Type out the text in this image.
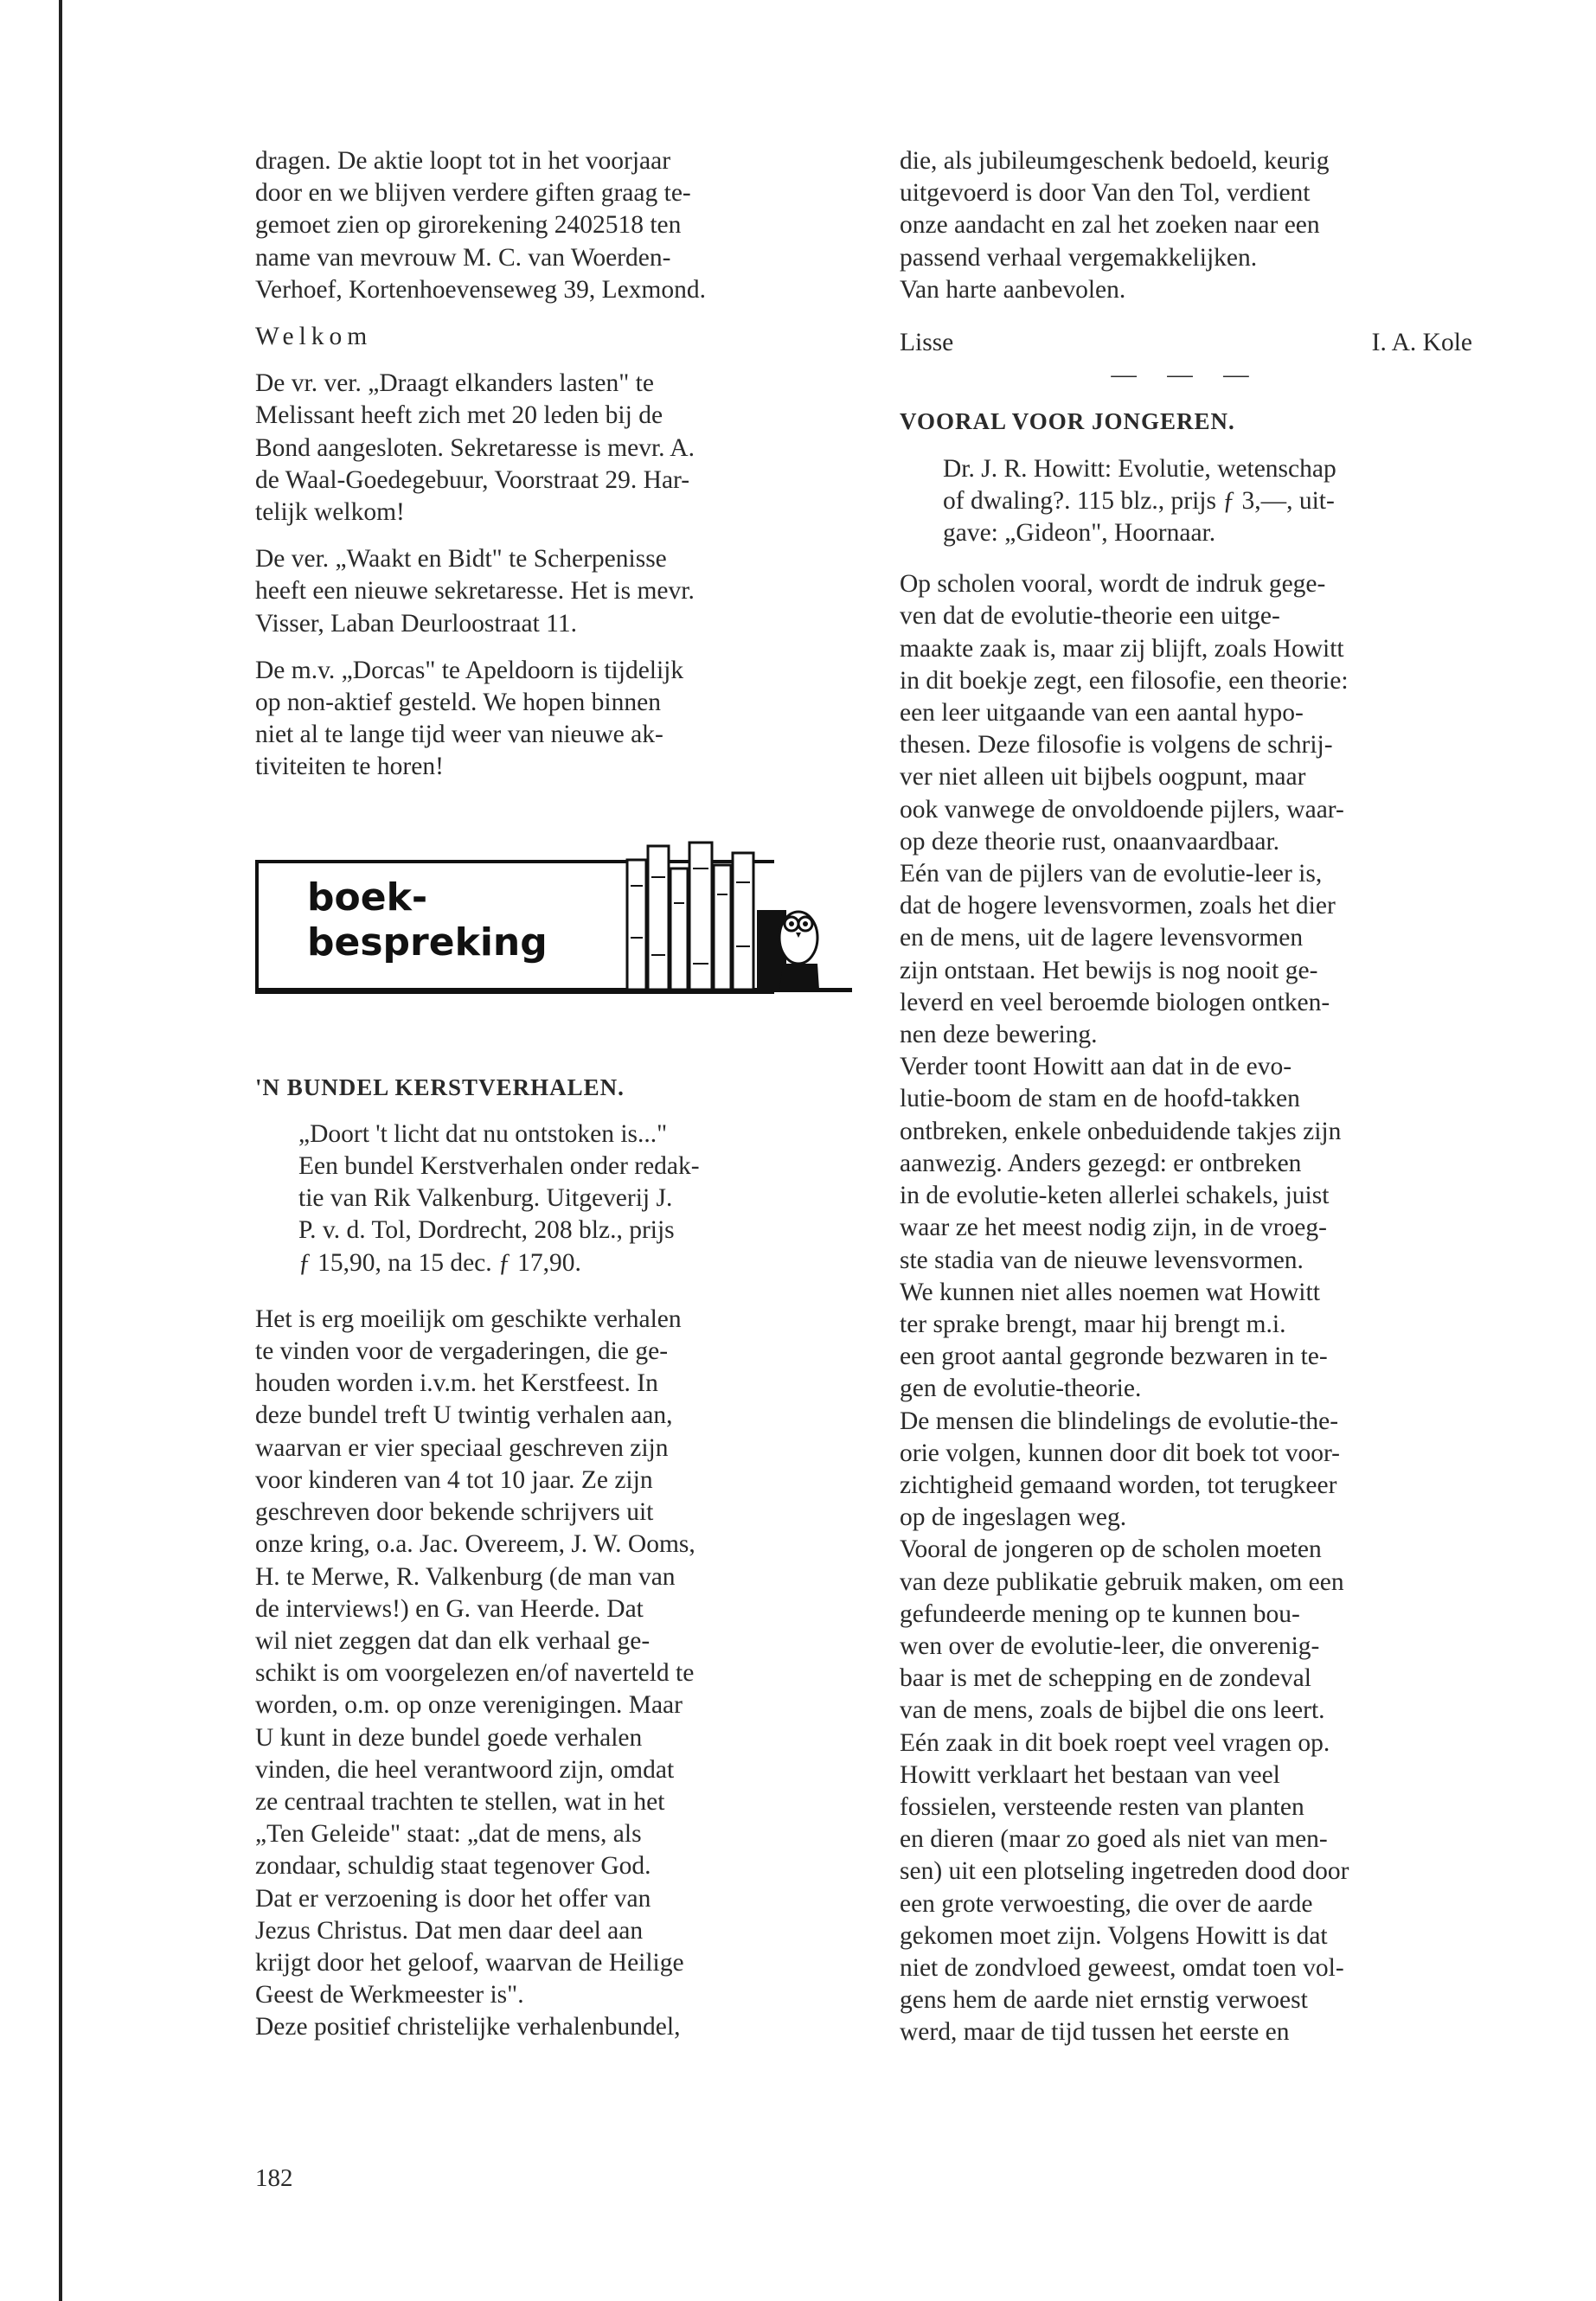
dragen. De aktie loopt tot in het voorjaar
door en we blijven verdere giften graag te-
gemoet zien op girorekening 2402518 ten
name van mevrouw M. C. van Woerden-
Verhoef, Kortenhoevenseweg 39, Lexmond.

Welkom

De vr. ver. „Draagt elkanders lasten" te
Melissant heeft zich met 20 leden bij de
Bond aangesloten. Sekretaresse is mevr. A.
de Waal-Goedegebuur, Voorstraat 29. Har-
telijk welkom!

De ver. „Waakt en Bidt" te Scherpenisse
heeft een nieuwe sekretaresse. Het is mevr.
Visser, Laban Deurloostraat 11.

De m.v. „Dorcas" te Apeldoorn is tijdelijk
op non-aktief gesteld. We hopen binnen
niet al te lange tijd weer van nieuwe ak-
tiviteiten te horen!

boek-
bespreking

'N BUNDEL KERSTVERHALEN.

„Doort 't licht dat nu ontstoken is..."
Een bundel Kerstverhalen onder redak-
tie van Rik Valkenburg. Uitgeverij J.
P. v. d. Tol, Dordrecht, 208 blz., prijs
ƒ 15,90, na 15 dec. ƒ 17,90.

Het is erg moeilijk om geschikte verhalen
te vinden voor de vergaderingen, die ge-
houden worden i.v.m. het Kerstfeest. In
deze bundel treft U twintig verhalen aan,
waarvan er vier speciaal geschreven zijn
voor kinderen van 4 tot 10 jaar. Ze zijn
geschreven door bekende schrijvers uit
onze kring, o.a. Jac. Overeem, J. W. Ooms,
H. te Merwe, R. Valkenburg (de man van
de interviews!) en G. van Heerde. Dat
wil niet zeggen dat dan elk verhaal ge-
schikt is om voorgelezen en/of naverteld te
worden, o.m. op onze verenigingen. Maar
U kunt in deze bundel goede verhalen
vinden, die heel verantwoord zijn, omdat
ze centraal trachten te stellen, wat in het
„Ten Geleide" staat: „dat de mens, als
zondaar, schuldig staat tegenover God.
Dat er verzoening is door het offer van
Jezus Christus. Dat men daar deel aan
krijgt door het geloof, waarvan de Heilige
Geest de Werkmeester is".
Deze positief christelijke verhalenbundel,

die, als jubileumgeschenk bedoeld, keurig
uitgevoerd is door Van den Tol, verdient
onze aandacht en zal het zoeken naar een
passend verhaal vergemakkelijken.
Van harte aanbevolen.

Lisse	I. A. Kole

— — —

VOORAL VOOR JONGEREN.

Dr. J. R. Howitt: Evolutie, wetenschap
of dwaling?. 115 blz., prijs ƒ 3,—, uit-
gave: „Gideon", Hoornaar.

Op scholen vooral, wordt de indruk gege-
ven dat de evolutie-theorie een uitge-
maakte zaak is, maar zij blijft, zoals Howitt
in dit boekje zegt, een filosofie, een theorie:
een leer uitgaande van een aantal hypo-
thesen. Deze filosofie is volgens de schrij-
ver niet alleen uit bijbels oogpunt, maar
ook vanwege de onvoldoende pijlers, waar-
op deze theorie rust, onaanvaardbaar.
Eén van de pijlers van de evolutie-leer is,
dat de hogere levensvormen, zoals het dier
en de mens, uit de lagere levensvormen
zijn ontstaan. Het bewijs is nog nooit ge-
leverd en veel beroemde biologen ontken-
nen deze bewering.
Verder toont Howitt aan dat in de evo-
lutie-boom de stam en de hoofd-takken
ontbreken, enkele onbeduidende takjes zijn
aanwezig. Anders gezegd: er ontbreken
in de evolutie-keten allerlei schakels, juist
waar ze het meest nodig zijn, in de vroeg-
ste stadia van de nieuwe levensvormen.
We kunnen niet alles noemen wat Howitt
ter sprake brengt, maar hij brengt m.i.
een groot aantal gegronde bezwaren in te-
gen de evolutie-theorie.
De mensen die blindelings de evolutie-the-
orie volgen, kunnen door dit boek tot voor-
zichtigheid gemaand worden, tot terugkeer
op de ingeslagen weg.
Vooral de jongeren op de scholen moeten
van deze publikatie gebruik maken, om een
gefundeerde mening op te kunnen bou-
wen over de evolutie-leer, die onverenig-
baar is met de schepping en de zondeval
van de mens, zoals de bijbel die ons leert.
Eén zaak in dit boek roept veel vragen op.
Howitt verklaart het bestaan van veel
fossielen, versteende resten van planten
en dieren (maar zo goed als niet van men-
sen) uit een plotseling ingetreden dood door
een grote verwoesting, die over de aarde
gekomen moet zijn. Volgens Howitt is dat
niet de zondvloed geweest, omdat toen vol-
gens hem de aarde niet ernstig verwoest
werd, maar de tijd tussen het eerste en

182
